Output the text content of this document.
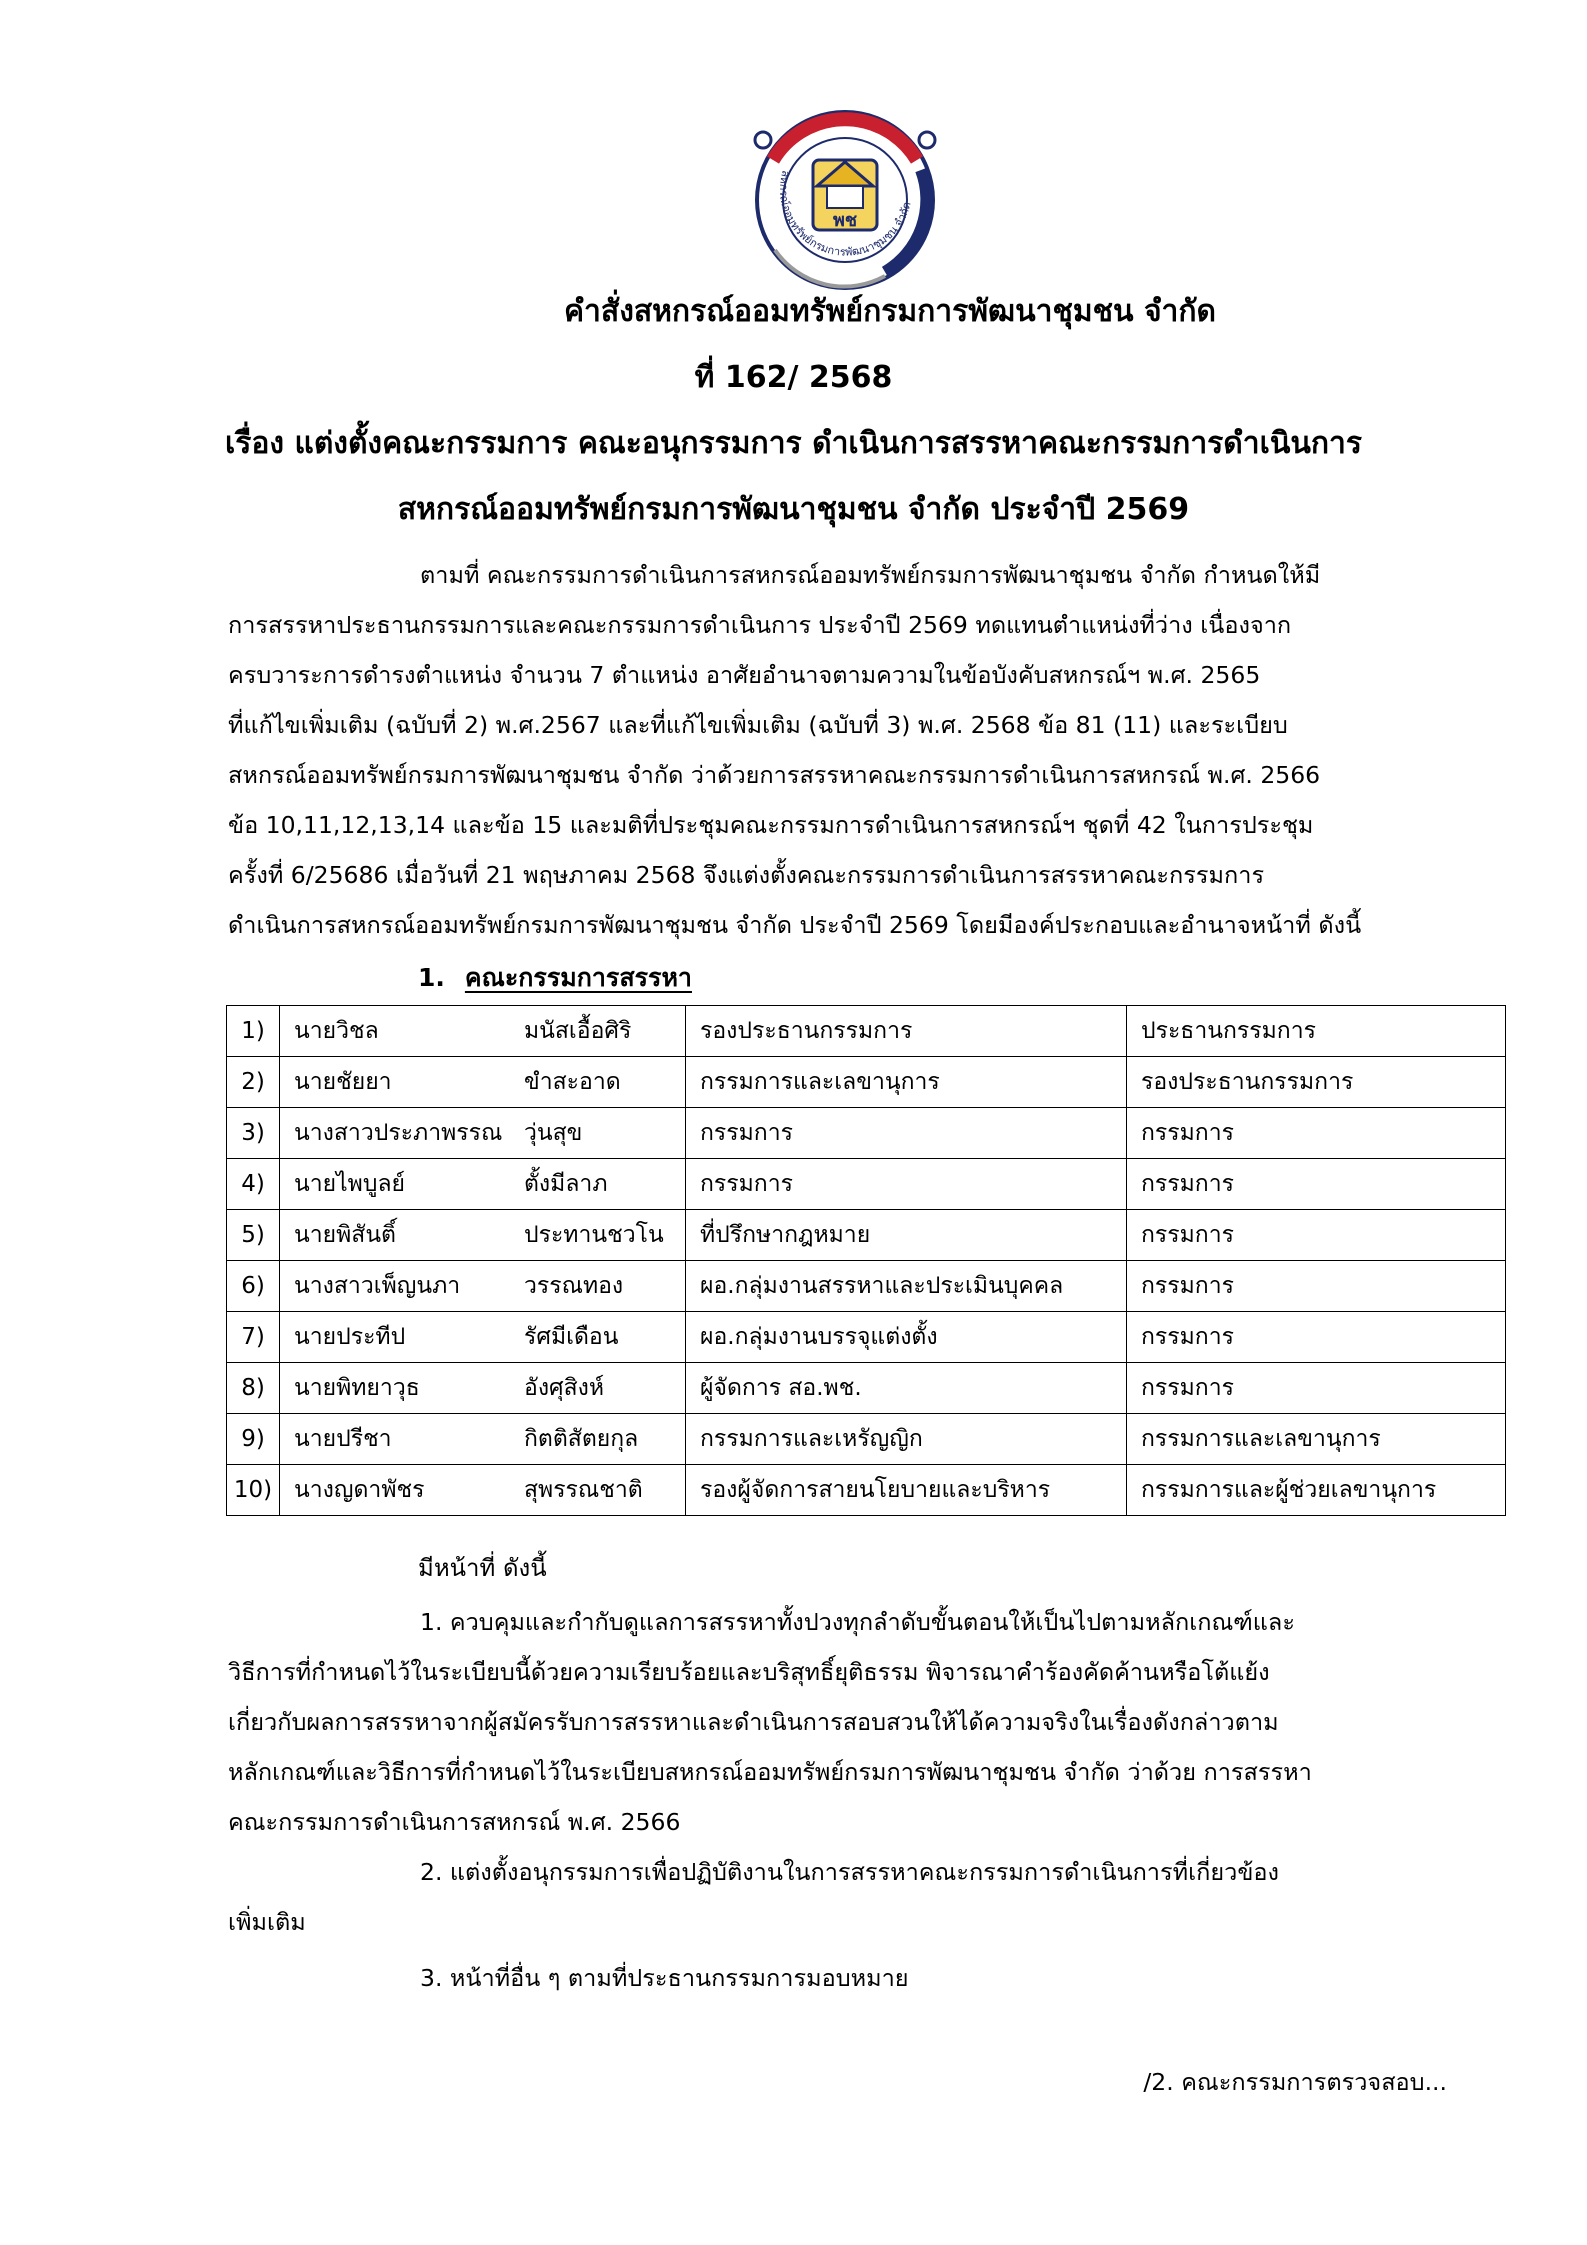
สหกรณ์ออมทรัพย์กรมการพัฒนาชุมชน จำกัด
พช
คำสั่งสหกรณ์ออมทรัพย์กรมการพัฒนาชุมชน จำกัด
ที่ 162/ 2568
เรื่อง แต่งตั้งคณะกรรมการ คณะอนุกรรมการ ดำเนินการสรรหาคณะกรรมการดำเนินการ
สหกรณ์ออมทรัพย์กรมการพัฒนาชุมชน จำกัด ประจำปี 2569
ตามที่ คณะกรรมการดำเนินการสหกรณ์ออมทรัพย์กรมการพัฒนาชุมชน จำกัด กำหนดให้มี
การสรรหาประธานกรรมการและคณะกรรมการดำเนินการ ประจำปี 2569 ทดแทนตำแหน่งที่ว่าง เนื่องจาก
ครบวาระการดำรงตำแหน่ง จำนวน 7 ตำแหน่ง อาศัยอำนาจตามความในข้อบังคับสหกรณ์ฯ พ.ศ. 2565
ที่แก้ไขเพิ่มเติม (ฉบับที่ 2) พ.ศ.2567 และที่แก้ไขเพิ่มเติม (ฉบับที่ 3) พ.ศ. 2568 ข้อ 81 (11) และระเบียบ
สหกรณ์ออมทรัพย์กรมการพัฒนาชุมชน จำกัด ว่าด้วยการสรรหาคณะกรรมการดำเนินการสหกรณ์ พ.ศ. 2566
ข้อ 10,11,12,13,14 และข้อ 15 และมติที่ประชุมคณะกรรมการดำเนินการสหกรณ์ฯ ชุดที่ 42 ในการประชุม
ครั้งที่ 6/25686 เมื่อวันที่ 21 พฤษภาคม 2568 จึงแต่งตั้งคณะกรรมการดำเนินการสรรหาคณะกรรมการ
ดำเนินการสหกรณ์ออมทรัพย์กรมการพัฒนาชุมชน จำกัด ประจำปี 2569 โดยมีองค์ประกอบและอำนาจหน้าที่ ดังนี้
1. คณะกรรมการสรรหา
1)	นายวิชล	มนัสเอื้อศิริ	รองประธานกรรมการ	ประธานกรรมการ
2)	นายชัยยา	ขำสะอาด	กรรมการและเลขานุการ	รองประธานกรรมการ
3)	นางสาวประภาพรรณ	วุ่นสุข	กรรมการ	กรรมการ
4)	นายไพบูลย์	ตั้งมีลาภ	กรรมการ	กรรมการ
5)	นายพิสันติ์	ประทานชวโน	ที่ปรึกษากฎหมาย	กรรมการ
6)	นางสาวเพ็ญนภา	วรรณทอง	ผอ.กลุ่มงานสรรหาและประเมินบุคคล	กรรมการ
7)	นายประทีป	รัศมีเดือน	ผอ.กลุ่มงานบรรจุแต่งตั้ง	กรรมการ
8)	นายพิทยาวุธ	อังศุสิงห์	ผู้จัดการ สอ.พช.	กรรมการ
9)	นายปรีชา	กิตติสัตยกุล	กรรมการและเหรัญญิก	กรรมการและเลขานุการ
10)	นางญดาพัชร	สุพรรณชาติ	รองผู้จัดการสายนโยบายและบริหาร	กรรมการและผู้ช่วยเลขานุการ
มีหน้าที่ ดังนี้
1. ควบคุมและกำกับดูแลการสรรหาทั้งปวงทุกลำดับขั้นตอนให้เป็นไปตามหลักเกณฑ์และ
วิธีการที่กำหนดไว้ในระเบียบนี้ด้วยความเรียบร้อยและบริสุทธิ์ยุติธรรม พิจารณาคำร้องคัดค้านหรือโต้แย้ง
เกี่ยวกับผลการสรรหาจากผู้สมัครรับการสรรหาและดำเนินการสอบสวนให้ได้ความจริงในเรื่องดังกล่าวตาม
หลักเกณฑ์และวิธีการที่กำหนดไว้ในระเบียบสหกรณ์ออมทรัพย์กรมการพัฒนาชุมชน จำกัด ว่าด้วย การสรรหา
คณะกรรมการดำเนินการสหกรณ์ พ.ศ. 2566
2. แต่งตั้งอนุกรรมการเพื่อปฏิบัติงานในการสรรหาคณะกรรมการดำเนินการที่เกี่ยวข้อง
เพิ่มเติม
3. หน้าที่อื่น ๆ ตามที่ประธานกรรมการมอบหมาย
/2. คณะกรรมการตรวจสอบ...
